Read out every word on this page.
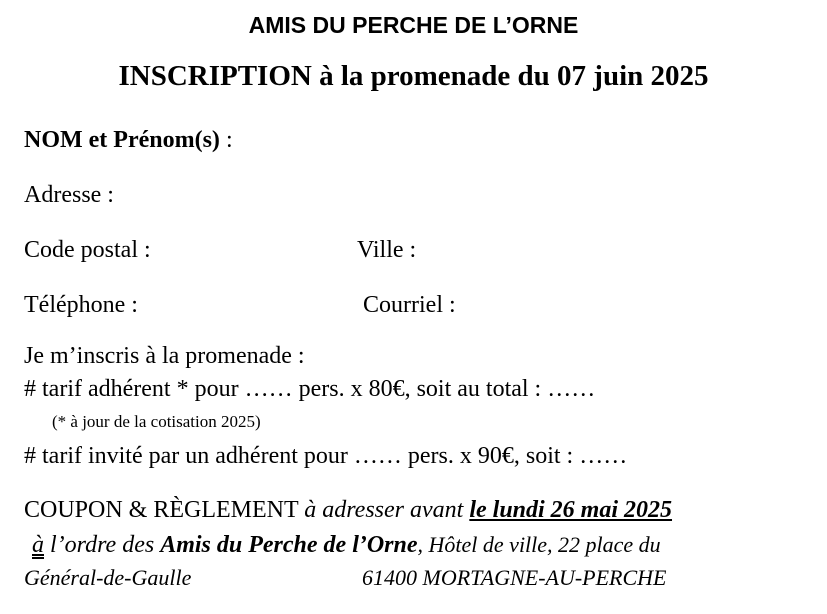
AMIS DU PERCHE DE L’ORNE
INSCRIPTION à la promenade du 07 juin 2025
NOM et Prénom(s) :
Adresse :
Code postal :	Ville :
Téléphone :	Courriel :
Je m’inscris à la promenade :
# tarif adhérent * pour …… pers. x 80€, soit au total : ……
(* à jour de la cotisation 2025)
# tarif invité par un adhérent pour …… pers. x 90€, soit : ……
COUPON & RÈGLEMENT à adresser avant le lundi 26 mai 2025
à l’ordre des Amis du Perche de l’Orne, Hôtel de ville, 22 place du
Général-de-Gaulle	61400 MORTAGNE-AU-PERCHE
